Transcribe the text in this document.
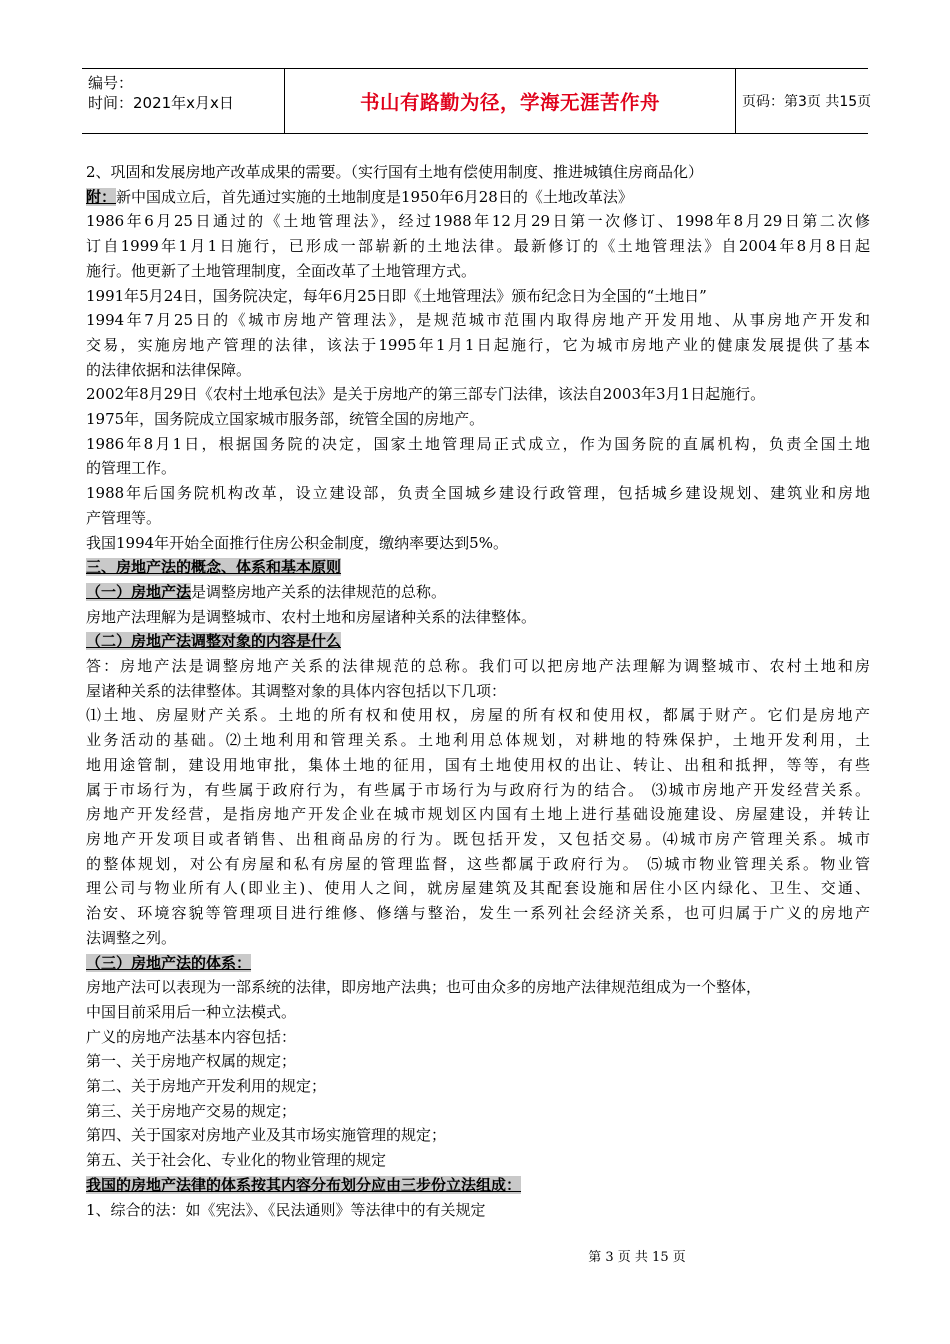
编号：
时间：2021年x月x日	书山有路勤为径，学海无涯苦作舟	页码：第3页 共15页
2、巩固和发展房地产改革成果的需要。（实行国有土地有偿使用制度、推进城镇住房商品化）
附：新中国成立后，首先通过实施的土地制度是1950年6月28日的《土地改革法》
1986年6月25日通过的《土地管理法》，经过1988年12月29日第一次修订、1998年8月29日第二次修
订自1999年1月1日施行，已形成一部崭新的土地法律。最新修订的《土地管理法》自2004年8月8日起
施行。他更新了土地管理制度，全面改革了土地管理方式。
1991年5月24日，国务院决定，每年6月25日即《土地管理法》颁布纪念日为全国的“土地日”
1994年7月25日的《城市房地产管理法》，是规范城市范围内取得房地产开发用地、从事房地产开发和
交易，实施房地产管理的法律，该法于1995年1月1日起施行，它为城市房地产业的健康发展提供了基本
的法律依据和法律保障。
2002年8月29日《农村土地承包法》是关于房地产的第三部专门法律，该法自2003年3月1日起施行。
1975年，国务院成立国家城市服务部，统管全国的房地产。
1986年8月1日，根据国务院的决定，国家土地管理局正式成立，作为国务院的直属机构，负责全国土地
的管理工作。
1988年后国务院机构改革，设立建设部，负责全国城乡建设行政管理，包括城乡建设规划、建筑业和房地
产管理等。
我国1994年开始全面推行住房公积金制度，缴纳率要达到5%。
三、房地产法的概念、体系和基本原则
（一）房地产法是调整房地产关系的法律规范的总称。
房地产法理解为是调整城市、农村土地和房屋诸种关系的法律整体。
（二）房地产法调整对象的内容是什么
答：房地产法是调整房地产关系的法律规范的总称。我们可以把房地产法理解为调整城市、农村土地和房
屋诸种关系的法律整体。其调整对象的具体内容包括以下几项：
⑴土地、房屋财产关系。土地的所有权和使用权，房屋的所有权和使用权，都属于财产。它们是房地产
业务活动的基础。⑵土地利用和管理关系。土地利用总体规划，对耕地的特殊保护，土地开发利用，土
地用途管制，建设用地审批，集体土地的征用，国有土地使用权的出让、转让、出租和抵押，等等，有些
属于市场行为，有些属于政府行为，有些属于市场行为与政府行为的结合。 ⑶城市房地产开发经营关系。
房地产开发经营，是指房地产开发企业在城市规划区内国有土地上进行基础设施建设、房屋建设，并转让
房地产开发项目或者销售、出租商品房的行为。既包括开发，又包括交易。⑷城市房产管理关系。城市
的整体规划，对公有房屋和私有房屋的管理监督，这些都属于政府行为。 ⑸城市物业管理关系。物业管
理公司与物业所有人(即业主)、使用人之间，就房屋建筑及其配套设施和居住小区内绿化、卫生、交通、
治安、环境容貌等管理项目进行维修、修缮与整治，发生一系列社会经济关系，也可归属于广义的房地产
法调整之列。
（三）房地产法的体系：
房地产法可以表现为一部系统的法律，即房地产法典；也可由众多的房地产法律规范组成为一个整体，
中国目前采用后一种立法模式。
广义的房地产法基本内容包括：
第一、关于房地产权属的规定；
第二、关于房地产开发利用的规定；
第三、关于房地产交易的规定；
第四、关于国家对房地产业及其市场实施管理的规定；
第五、关于社会化、专业化的物业管理的规定
我国的房地产法律的体系按其内容分布划分应由三步份立法组成：
1、综合的法：如《宪法》、《民法通则》等法律中的有关规定
第 3 页 共 15 页
